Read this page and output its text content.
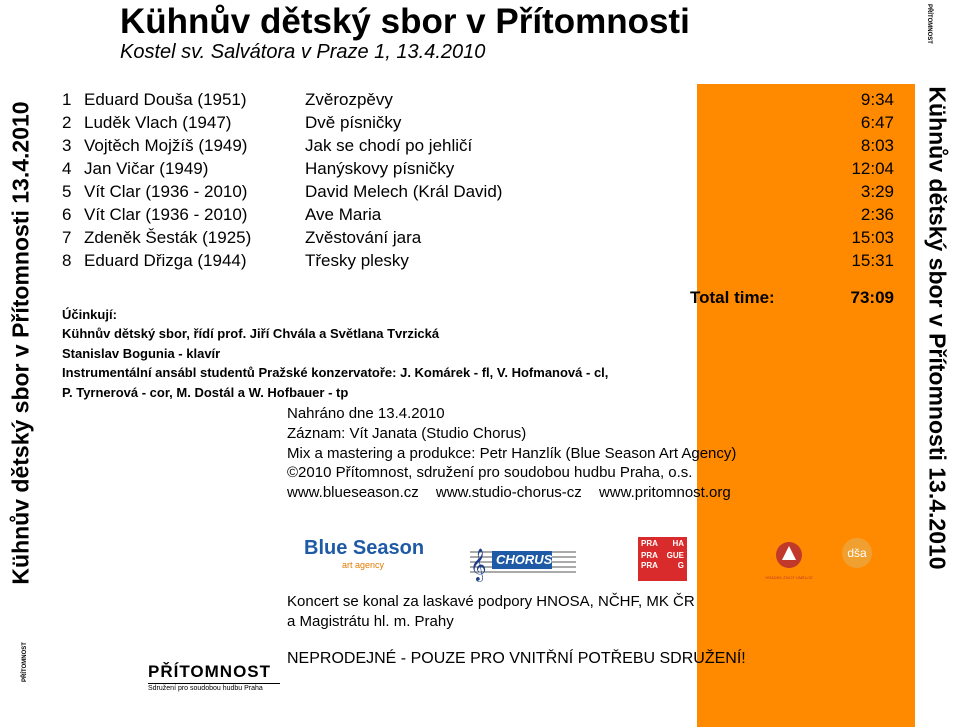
Kühnův dětský sbor v Přítomnosti
Kostel sv. Salvátora v Praze 1, 13.4.2010
Kühnův dětský sbor v Přítomnosti 13.4.2010	Kühnův dětský sbor v Přítomnosti 13.4.2010
1 Eduard Douša (1951)	Zvěrozpěvy	9:34
2 Luděk Vlach (1947)	Dvě písničky	6:47
3 Vojtěch Mojžíš (1949)	Jak se chodí po jehličí	8:03
4 Jan Vičar (1949)	Hanýskovy písničky	12:04
5 Vít Clar (1936 - 2010)	David Melech (Král David)	3:29
6 Vít Clar (1936 - 2010)	Ave Maria	2:36
7 Zdeněk Šesták (1925)	Zvěstování jara	15:03
8 Eduard Dřizga (1944)	Třesky plesky	15:31
Total time:	73:09
Účinkují:
Kühnův dětský sbor, řídí prof. Jiří Chvála a Světlana Tvrzická
Stanislav Bogunia - klavír
Instrumentální ansábl studentů Pražské konzervatoře: J. Komárek - fl, V. Hofmanová - cl,
P. Tyrnerová - cor, M. Dostál a W. Hofbauer - tp
Nahráno dne 13.4.2010
Záznam: Vít Janata (Studio Chorus)
Mix a mastering a produkce: Petr Hanzlík (Blue Season Art Agency)
©2010 Přítomnost, sdružení pro soudobou hudbu Praha, o.s.
www.blueseason.cz www.studio-chorus-cz www.pritomnost.org
Blue Season
art agency	𝄞 CHORUS
PRA HA
PRA GUE
PRA G
HRÁDEK ŽIVOT UMĚLCE
dša
Koncert se konal za laskavé podpory HNOSA, NČHF, MK ČR
a Magistrátu hl. m. Prahy
NEPRODEJNÉ - POUZE PRO VNITŘNÍ POTŘEBU SDRUŽENÍ!
PŘÍTOMNOST
Sdružení pro soudobou hudbu Praha
PŘÍTOMNOST
PŘÍTOMNOST
